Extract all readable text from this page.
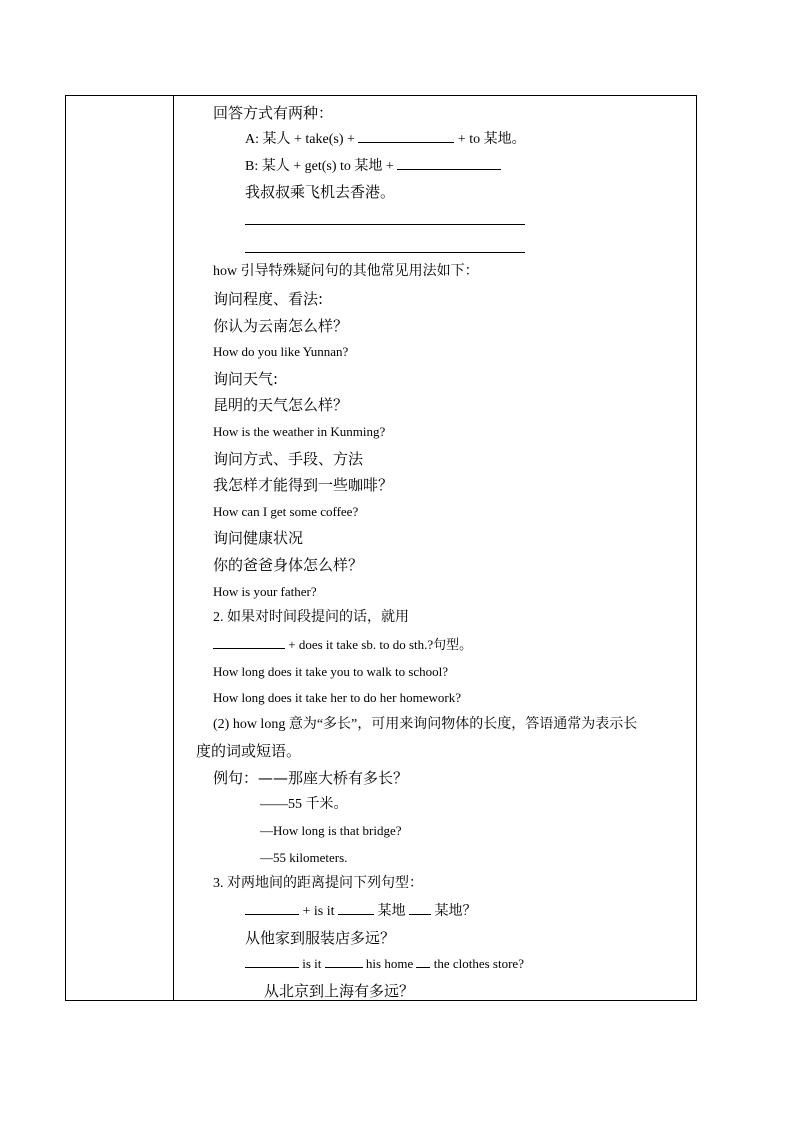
回答方式有两种：
A: 某人 + take(s) +	+ to 某地。
B: 某人 + get(s) to 某地 +
我叔叔乘飞机去香港。
how 引导特殊疑问句的其他常见用法如下：
询问程度、看法:
你认为云南怎么样？
How do you like Yunnan?
询问天气:
昆明的天气怎么样？
How is the weather in Kunming?
询问方式、手段、方法
我怎样才能得到一些咖啡？
How can I get some coffee?
询问健康状况
你的爸爸身体怎么样？
How is your father?
2. 如果对时间段提问的话，就用
+ does it take sb. to do sth.?句型。
How long does it take you to walk to school?
How long does it take her to do her homework?
(2) how long 意为“多长”，可用来询问物体的长度，答语通常为表示长
度的词或短语。
例句：——那座大桥有多长？
——55 千米。
—How long is that bridge?
—55 kilometers.
3. 对两地间的距离提问下列句型：
+ is it	某地 某地？
从他家到服装店多远？
is it	his home the clothes store?
从北京到上海有多远？
